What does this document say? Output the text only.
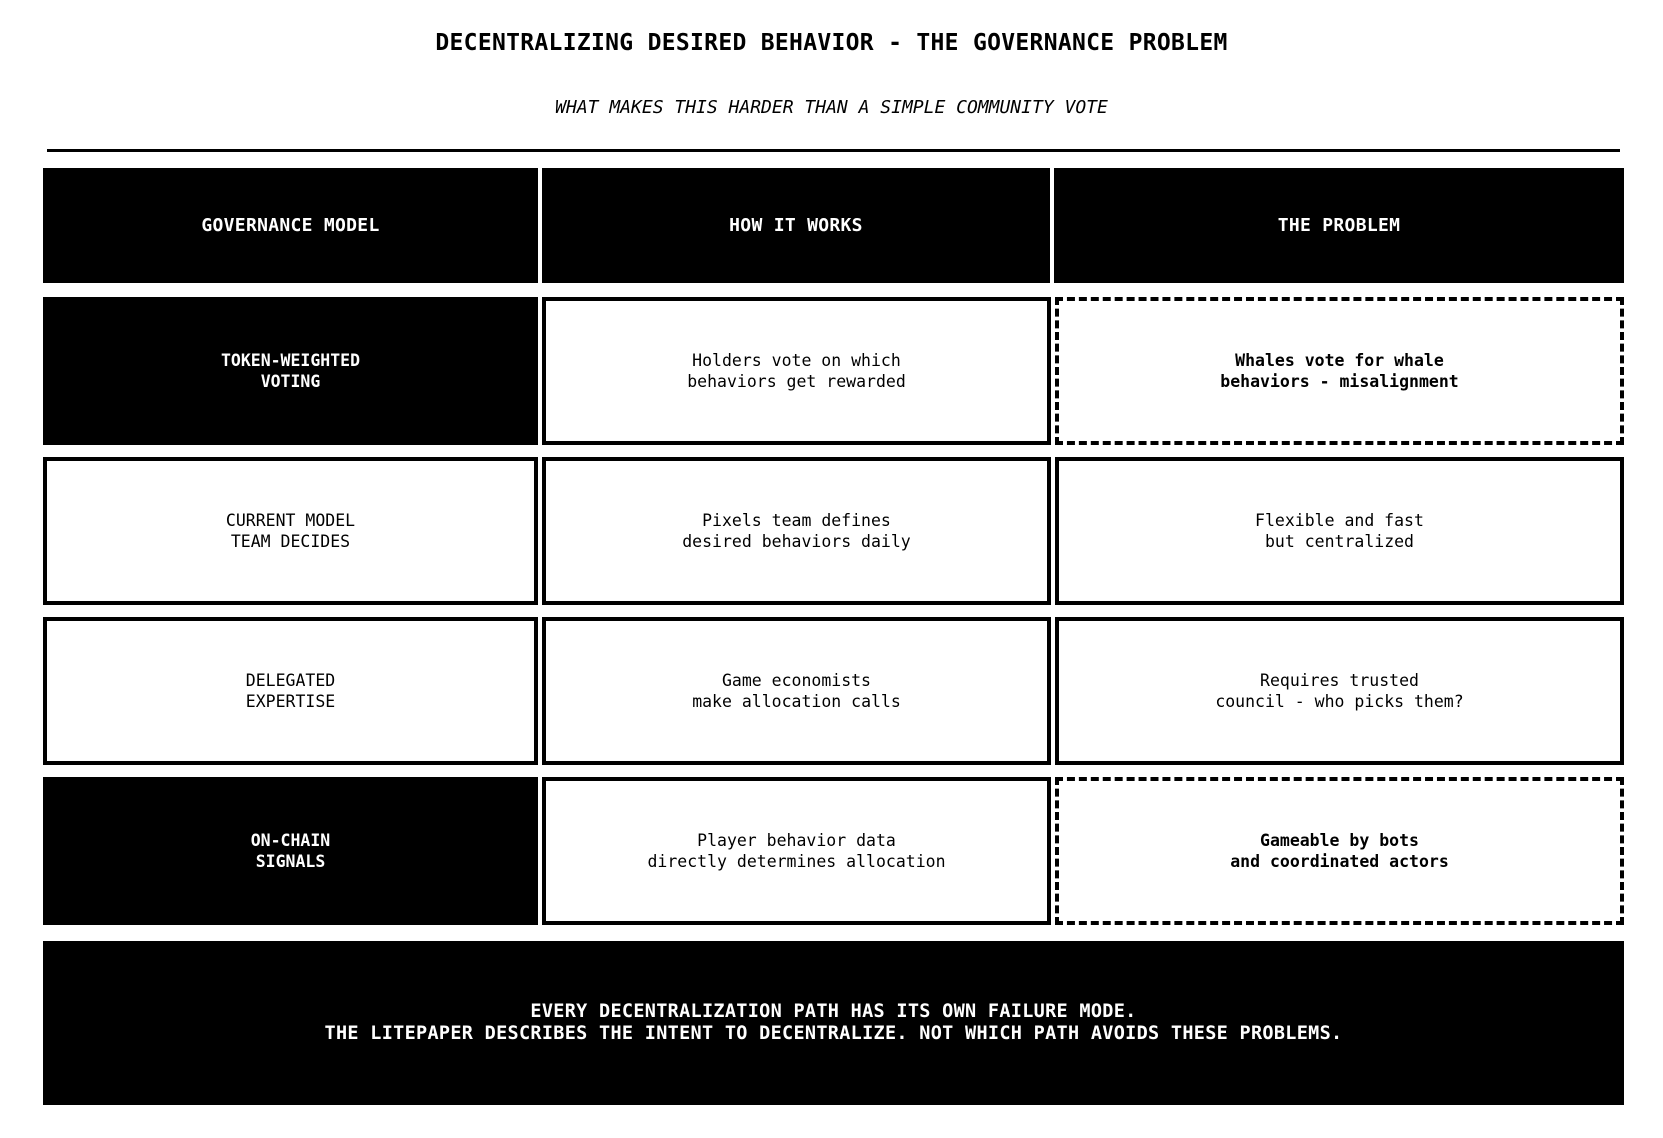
DECENTRALIZING DESIRED BEHAVIOR - THE GOVERNANCE PROBLEM
WHAT MAKES THIS HARDER THAN A SIMPLE COMMUNITY VOTE
GOVERNANCE MODEL	HOW IT WORKS	THE PROBLEM
TOKEN-WEIGHTED
VOTING
Holders vote on which
behaviors get rewarded
Whales vote for whale
behaviors - misalignment
CURRENT MODEL
TEAM DECIDES
Pixels team defines
desired behaviors daily
Flexible and fast
but centralized
DELEGATED
EXPERTISE
Game economists
make allocation calls
Requires trusted
council - who picks them?
ON-CHAIN
SIGNALS
Player behavior data
directly determines allocation
Gameable by bots
and coordinated actors
EVERY DECENTRALIZATION PATH HAS ITS OWN FAILURE MODE.
THE LITEPAPER DESCRIBES THE INTENT TO DECENTRALIZE. NOT WHICH PATH AVOIDS THESE PROBLEMS.
